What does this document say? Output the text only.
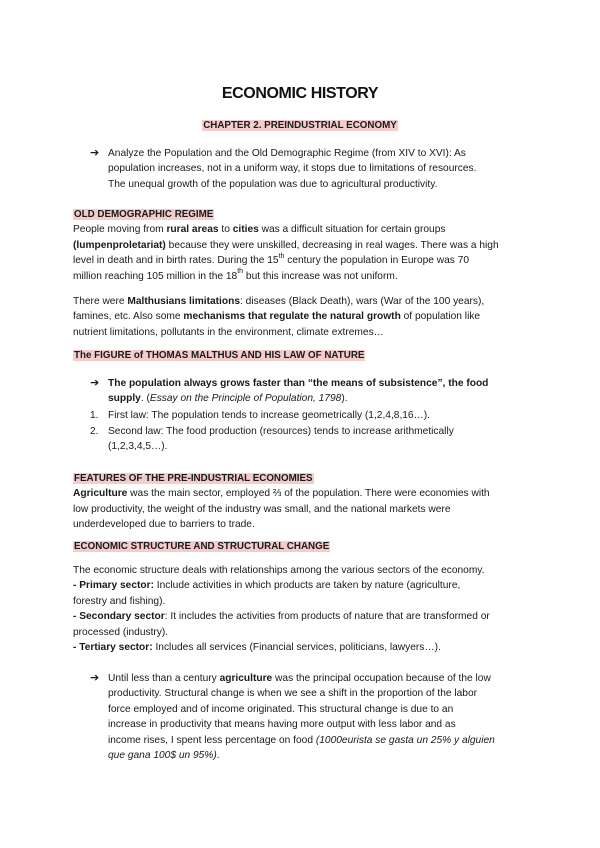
ECONOMIC HISTORY
CHAPTER 2. PREINDUSTRIAL ECONOMY
➔ Analyze the Population and the Old Demographic Regime (from XIV to XVI): As

population increases, not in a uniform way, it stops due to limitations of resources.

The unequal growth of the population was due to agricultural productivity.

OLD DEMOGRAPHIC REGIME

People moving from rural areas to cities was a difficult situation for certain groups

(lumpenproletariat) because they were unskilled, decreasing in real wages. There was a high

level in death and in birth rates. During the 15th century the population in Europe was 70

million reaching 105 million in the 18th but this increase was not uniform.

There were Malthusians limitations: diseases (Black Death), wars (War of the 100 years),

famines, etc. Also some mechanisms that regulate the natural growth of population like

nutrient limitations, pollutants in the environment, climate extremes…

The FIGURE of THOMAS MALTHUS AND HIS LAW OF NATURE

➔ The population always grows faster than “the means of subsistence”, the food

supply. (Essay on the Principle of Population, 1798).

1. First law: The population tends to increase geometrically (1,2,4,8,16…).

2. Second law: The food production (resources) tends to increase arithmetically

(1,2,3,4,5…).

FEATURES OF THE PRE-INDUSTRIAL ECONOMIES

Agriculture was the main sector, employed ⅔ of the population. There were economies with

low productivity, the weight of the industry was small, and the national markets were

underdeveloped due to barriers to trade.

ECONOMIC STRUCTURE AND STRUCTURAL CHANGE

The economic structure deals with relationships among the various sectors of the economy.

- Primary sector: Include activities in which products are taken by nature (agriculture,

forestry and fishing).

- Secondary sector: It includes the activities from products of nature that are transformed or

processed (industry).

- Tertiary sector: Includes all services (Financial services, politicians, lawyers…).

➔ Until less than a century agriculture was the principal occupation because of the low

productivity. Structural change is when we see a shift in the proportion of the labor

force employed and of income originated. This structural change is due to an

increase in productivity that means having more output with less labor and as

income rises, I spent less percentage on food (1000eurista se gasta un 25% y alguien

que gana 100$ un 95%).
